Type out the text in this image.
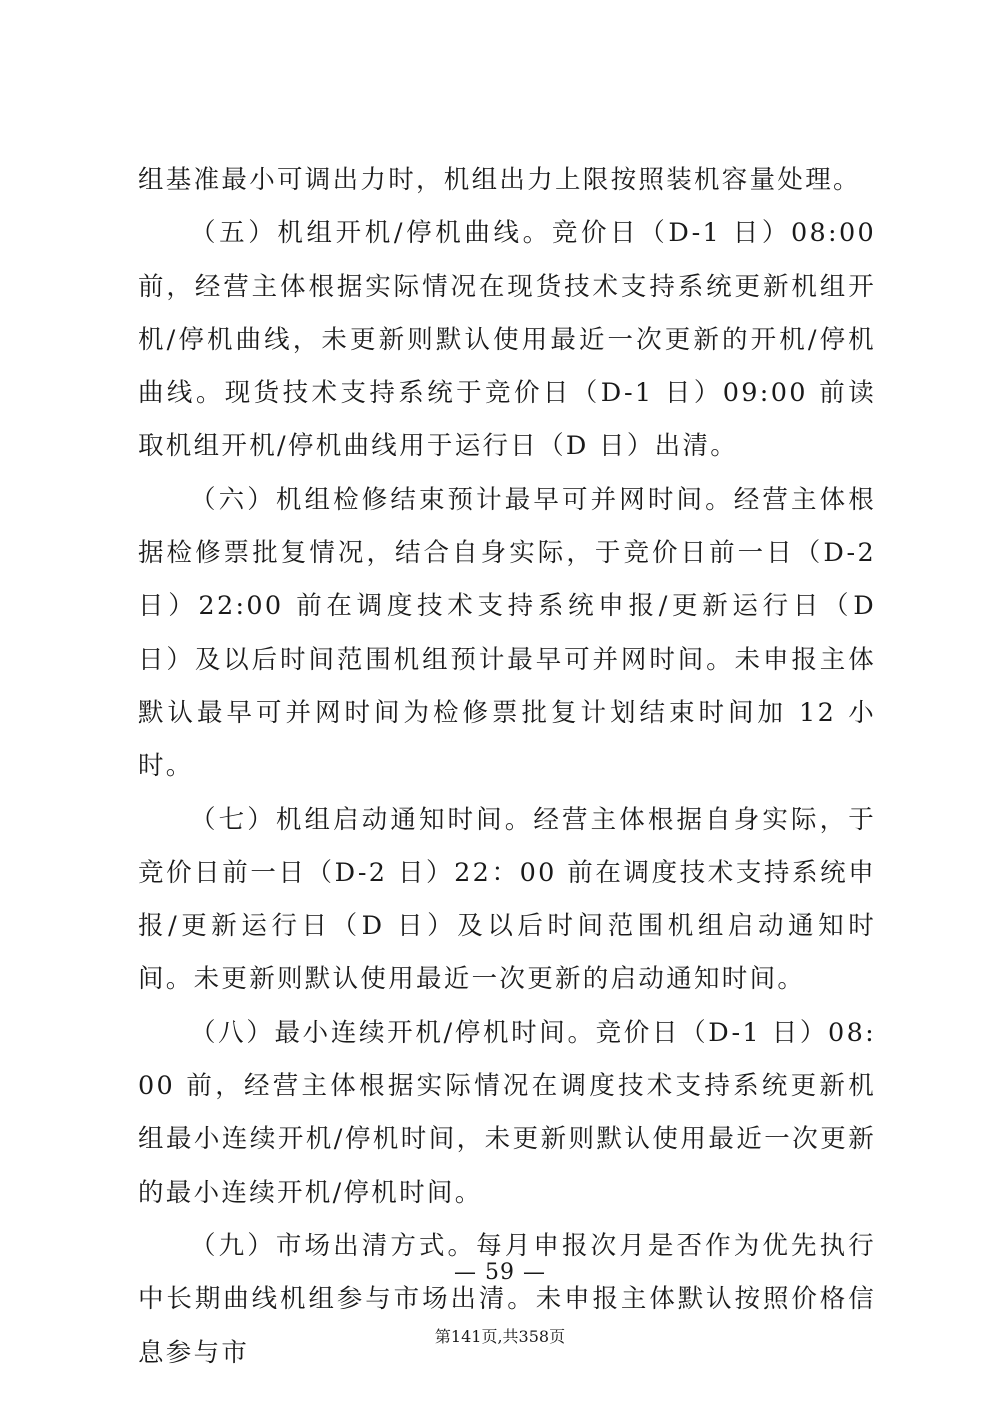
组基准最小可调出力时，机组出力上限按照装机容量处理。

（五）机组开机/停机曲线。竞价日（D-1 日）08:00 前，经营主体根据实际情况在现货技术支持系统更新机组开机/停机曲线，未更新则默认使用最近一次更新的开机/停机曲线。现货技术支持系统于竞价日（D-1 日）09:00 前读取机组开机/停机曲线用于运行日（D 日）出清。

（六）机组检修结束预计最早可并网时间。经营主体根据检修票批复情况，结合自身实际，于竞价日前一日（D-2 日）22:00 前在调度技术支持系统申报/更新运行日（D 日）及以后时间范围机组预计最早可并网时间。未申报主体默认最早可并网时间为检修票批复计划结束时间加 12 小时。

（七）机组启动通知时间。经营主体根据自身实际，于竞价日前一日（D-2 日）22：00 前在调度技术支持系统申报/更新运行日（D 日）及以后时间范围机组启动通知时间。未更新则默认使用最近一次更新的启动通知时间。

（八）最小连续开机/停机时间。竞价日（D-1 日）08:00 前，经营主体根据实际情况在调度技术支持系统更新机组最小连续开机/停机时间，未更新则默认使用最近一次更新的最小连续开机/停机时间。

（九）市场出清方式。每月申报次月是否作为优先执行中长期曲线机组参与市场出清。未申报主体默认按照价格信息参与市

— 59 —

第141页,共358页
